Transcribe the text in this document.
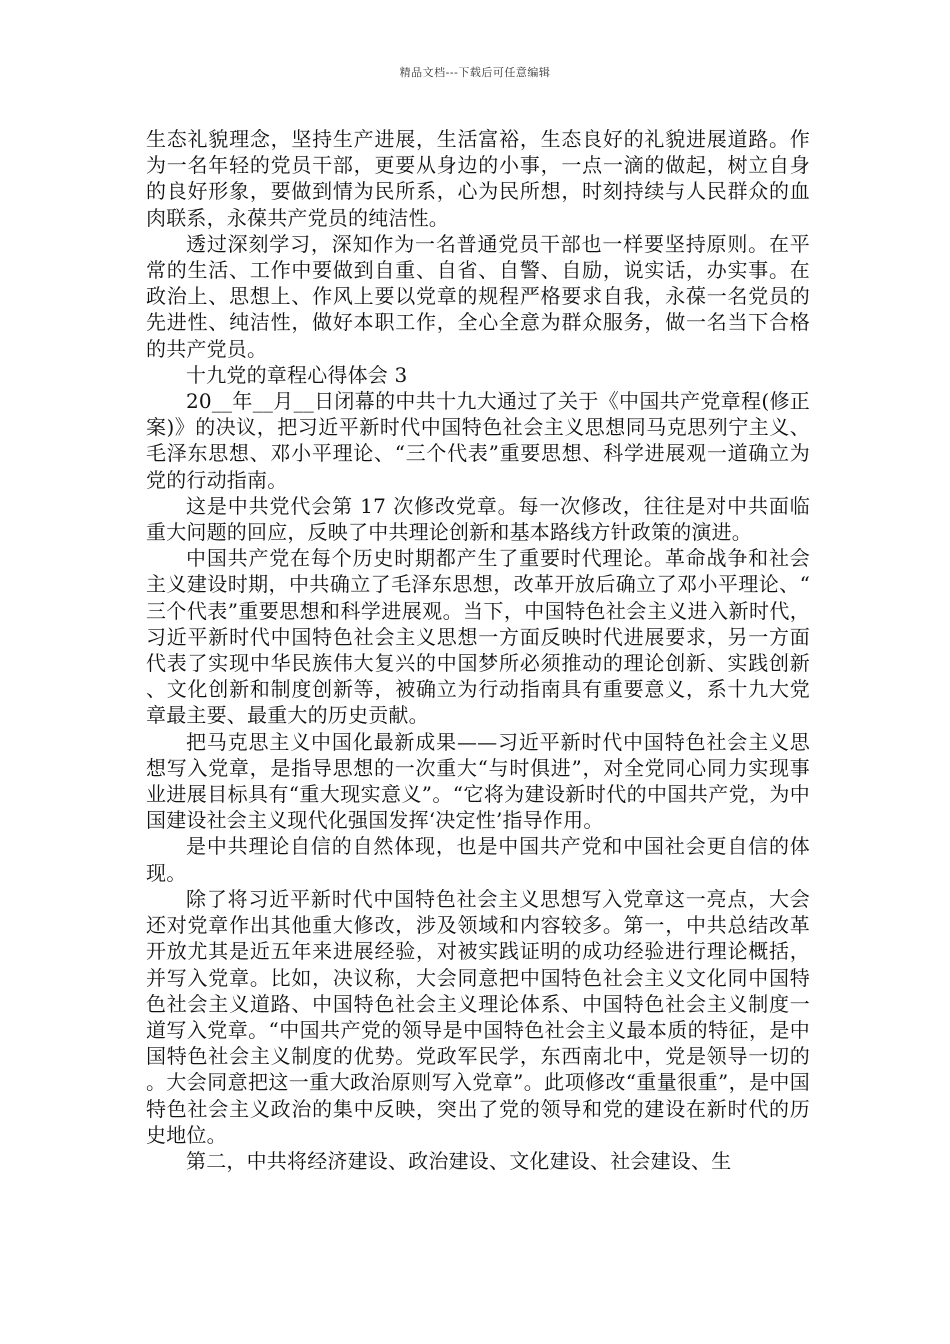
精品文档---下载后可任意编辑

生态礼貌理念，坚持生产进展，生活富裕，生态良好的礼貌进展道路。作为一名年轻的党员干部，更要从身边的小事，一点一滴的做起，树立自身的良好形象，要做到情为民所系，心为民所想，时刻持续与人民群众的血肉联系，永葆共产党员的纯洁性。

透过深刻学习，深知作为一名普通党员干部也一样要坚持原则。在平常的生活、工作中要做到自重、自省、自警、自励，说实话，办实事。在政治上、思想上、作风上要以党章的规程严格要求自我，永葆一名党员的先进性、纯洁性，做好本职工作，全心全意为群众服务，做一名当下合格的共产党员。

十九党的章程心得体会 3

20__年__月__日闭幕的中共十九大通过了关于《中国共产党章程(修正案)》的决议，把习近平新时代中国特色社会主义思想同马克思列宁主义、毛泽东思想、邓小平理论、“三个代表”重要思想、科学进展观一道确立为党的行动指南。

这是中共党代会第 17 次修改党章。每一次修改，往往是对中共面临重大问题的回应，反映了中共理论创新和基本路线方针政策的演进。

中国共产党在每个历史时期都产生了重要时代理论。革命战争和社会主义建设时期，中共确立了毛泽东思想，改革开放后确立了邓小平理论、“三个代表”重要思想和科学进展观。当下，中国特色社会主义进入新时代，习近平新时代中国特色社会主义思想一方面反映时代进展要求，另一方面代表了实现中华民族伟大复兴的中国梦所必须推动的理论创新、实践创新、文化创新和制度创新等，被确立为行动指南具有重要意义，系十九大党章最主要、最重大的历史贡献。

把马克思主义中国化最新成果——习近平新时代中国特色社会主义思想写入党章，是指导思想的一次重大“与时俱进”，对全党同心同力实现事业进展目标具有“重大现实意义”。“它将为建设新时代的中国共产党，为中国建设社会主义现代化强国发挥‘决定性’指导作用。

是中共理论自信的自然体现，也是中国共产党和中国社会更自信的体现。

除了将习近平新时代中国特色社会主义思想写入党章这一亮点，大会还对党章作出其他重大修改，涉及领域和内容较多。第一，中共总结改革开放尤其是近五年来进展经验，对被实践证明的成功经验进行理论概括，并写入党章。比如，决议称，大会同意把中国特色社会主义文化同中国特色社会主义道路、中国特色社会主义理论体系、中国特色社会主义制度一道写入党章。“中国共产党的领导是中国特色社会主义最本质的特征，是中国特色社会主义制度的优势。党政军民学，东西南北中，党是领导一切的。大会同意把这一重大政治原则写入党章”。此项修改“重量很重”，是中国特色社会主义政治的集中反映，突出了党的领导和党的建设在新时代的历史地位。

第二，中共将经济建设、政治建设、文化建设、社会建设、生
